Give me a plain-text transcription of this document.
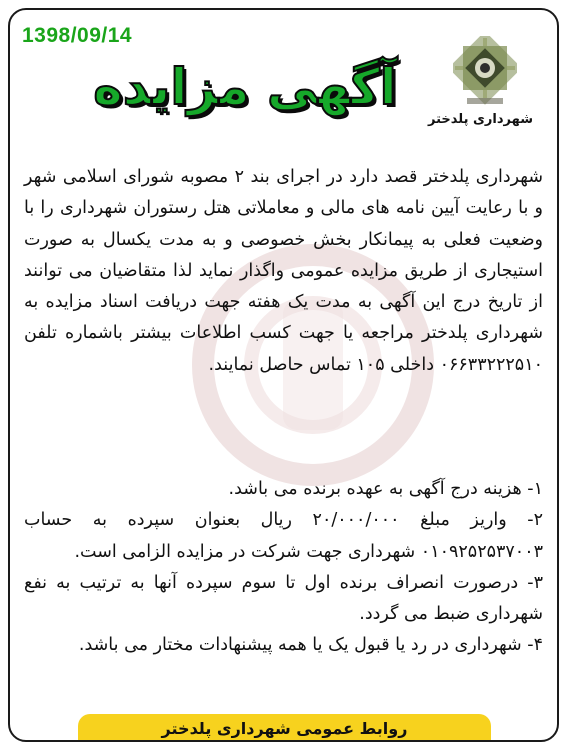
1398/09/14
شهرداری پلدختر
آگهی مزایده

شهرداری پلدختر قصد دارد در اجرای بند ۲ مصوبه شورای اسلامی شهر و با رعایت آیین نامه های مالی و معاملاتی هتل رستوران شهرداری را با وضعیت فعلی به پیمانکار بخش خصوصی و به مدت یکسال به صورت استیجاری از طریق مزایده عمومی واگذار نماید لذا متقاضیان می توانند از تاریخ درج این آگهی به مدت یک هفته جهت دریافت اسناد مزایده به شهرداری پلدختر مراجعه یا جهت کسب اطلاعات بیشتر باشماره تلفن ۰۶۶۳۳۲۲۲۵۱۰ داخلی ۱۰۵ تماس حاصل نمایند.

۱- هزینه درج آگهی به عهده برنده می باشد.

۲- واریز مبلغ ۲۰/۰۰۰/۰۰۰ ریال بعنوان سپرده به حساب ۰۱۰۹۲۵۲۵۳۷۰۰۳ شهرداری جهت شرکت در مزایده الزامی است.

۳- درصورت انصراف برنده اول تا سوم سپرده آنها به ترتیب به نفع شهرداری ضبط می گردد.

۴- شهرداری در رد یا قبول یک یا همه پیشنهادات مختار می باشد.

روابط عمومی شهرداری پلدختر
